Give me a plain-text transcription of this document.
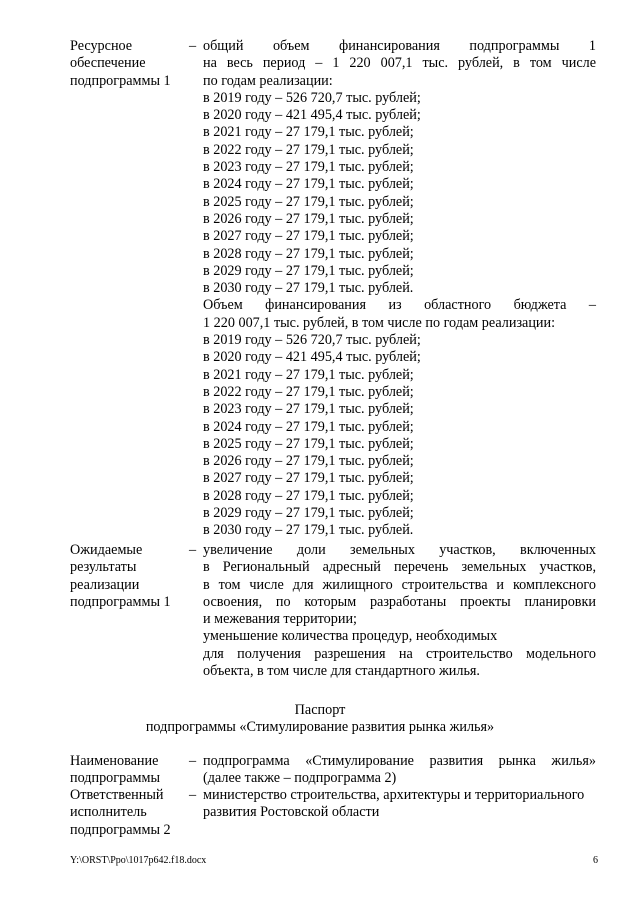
Ресурсное
обеспечение
подпрограммы 1
– общий объем финансирования подпрограммы 1
на весь период – 1 220 007,1 тыс. рублей, в том числе
по годам реализации:
в 2019 году – 526 720,7 тыс. рублей;
в 2020 году – 421 495,4 тыс. рублей;
в 2021 году – 27 179,1 тыс. рублей;
в 2022 году – 27 179,1 тыс. рублей;
в 2023 году – 27 179,1 тыс. рублей;
в 2024 году – 27 179,1 тыс. рублей;
в 2025 году – 27 179,1 тыс. рублей;
в 2026 году – 27 179,1 тыс. рублей;
в 2027 году – 27 179,1 тыс. рублей;
в 2028 году – 27 179,1 тыс. рублей;
в 2029 году – 27 179,1 тыс. рублей;
в 2030 году – 27 179,1 тыс. рублей.
Объем финансирования из областного бюджета –
1 220 007,1 тыс. рублей, в том числе по годам реализации:
в 2019 году – 526 720,7 тыс. рублей;
в 2020 году – 421 495,4 тыс. рублей;
в 2021 году – 27 179,1 тыс. рублей;
в 2022 году – 27 179,1 тыс. рублей;
в 2023 году – 27 179,1 тыс. рублей;
в 2024 году – 27 179,1 тыс. рублей;
в 2025 году – 27 179,1 тыс. рублей;
в 2026 году – 27 179,1 тыс. рублей;
в 2027 году – 27 179,1 тыс. рублей;
в 2028 году – 27 179,1 тыс. рублей;
в 2029 году – 27 179,1 тыс. рублей;
в 2030 году – 27 179,1 тыс. рублей.
Ожидаемые
результаты
реализации
подпрограммы 1
– увеличение доли земельных участков, включенных
в Региональный адресный перечень земельных участков,
в том числе для жилищного строительства и комплексного
освоения, по которым разработаны проекты планировки
и межевания территории;
уменьшение количества процедур, необходимых
для получения разрешения на строительство модельного
объекта, в том числе для стандартного жилья.
Паспорт
подпрограммы «Стимулирование развития рынка жилья»
Наименование
подпрограммы
– подпрограмма «Стимулирование развития рынка жилья»
(далее также – подпрограмма 2)
Ответственный
исполнитель
подпрограммы 2
– министерство строительства, архитектуры и территориального
развития Ростовской области
Y:\ORST\Ppo\1017p642.f18.docx	6
